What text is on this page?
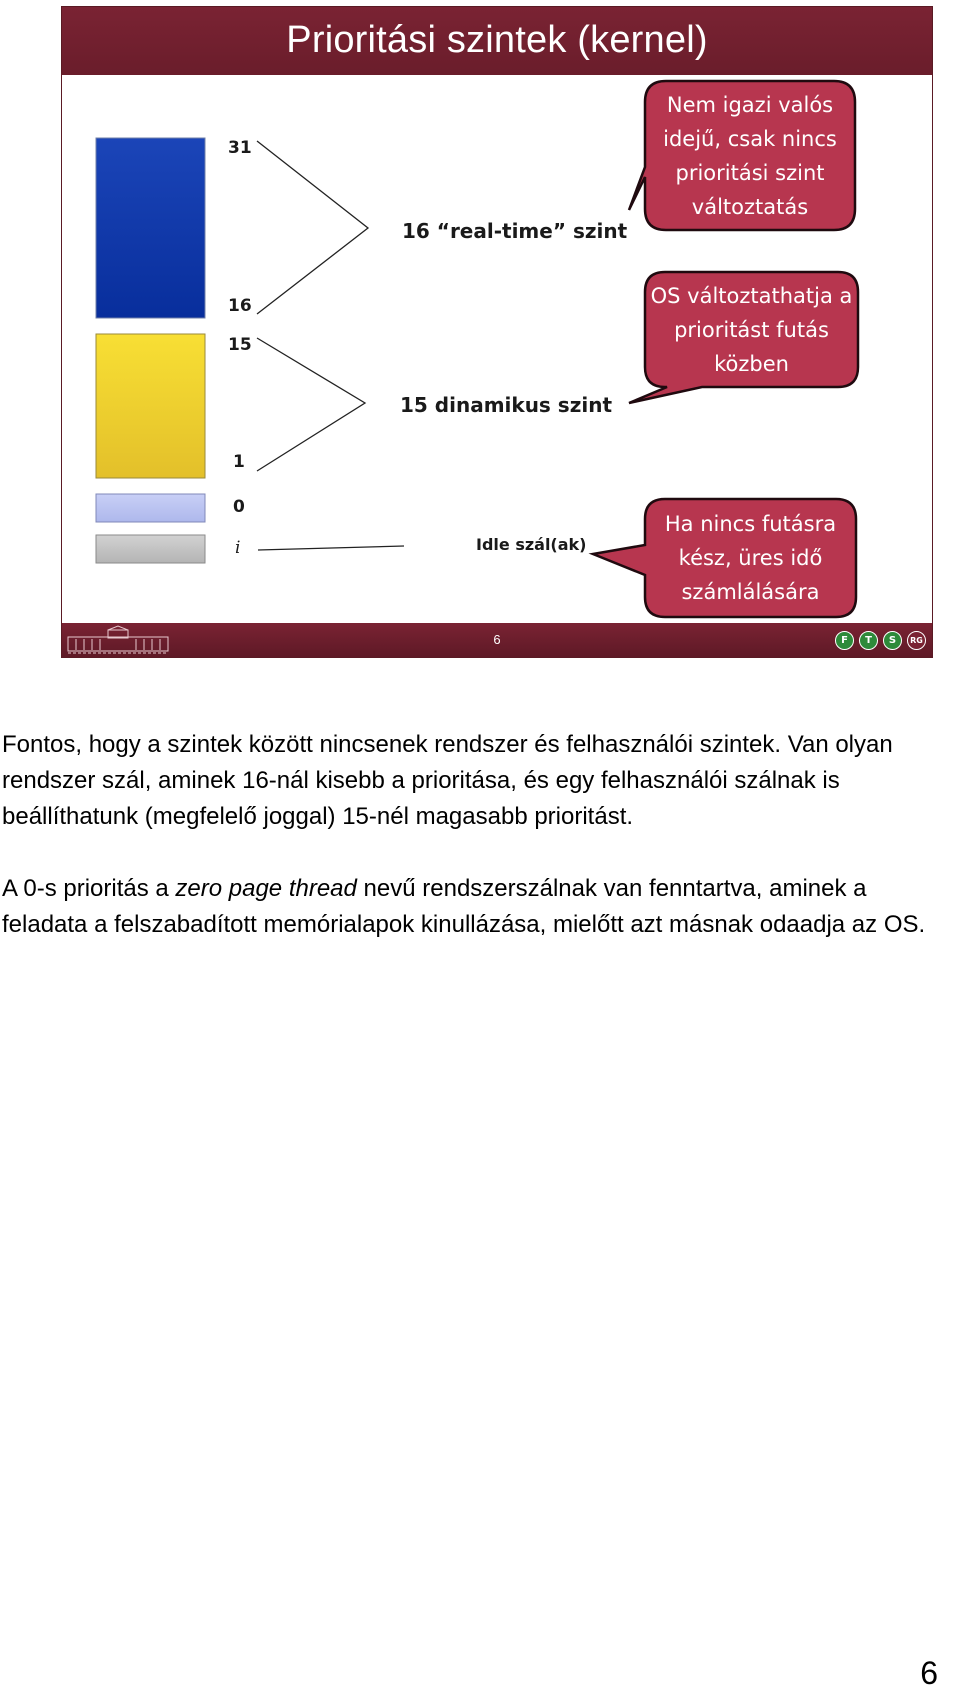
Prioritási szintek (kernel)
31
16
15
1
0
i
16 “real-time” szint
15 dinamikus szint
Idle szál(ak)
Nem igazi valós idejű, csak nincs prioritási szint változtatás
OS változtathatja a prioritást futás közben
Ha nincs futásra kész, üres idő számlálására
6	F	T	S	RG

Fontos, hogy a szintek között nincsenek rendszer és felhasználói szintek. Van olyan rendszer szál, aminek 16-nál kisebb a prioritása, és egy felhasználói szálnak is beállíthatunk (megfelelő joggal) 15-nél magasabb prioritást.

A 0-s prioritás a zero page thread nevű rendszerszálnak van fenntartva, aminek a feladata a felszabadított memórialapok kinullázása, mielőtt azt másnak odaadja az OS.

6
